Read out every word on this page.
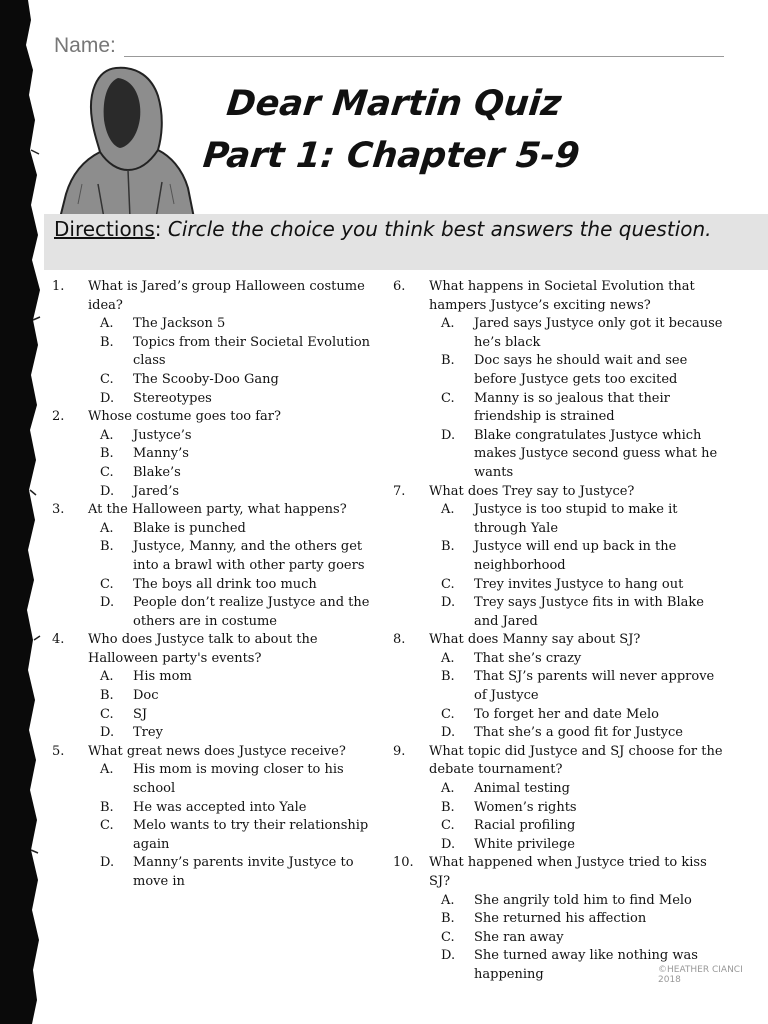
Name:
Dear Martin Quiz
Part 1: Chapter 5-9
Directions: Circle the choice you think best answers the question.
1.	What is Jared’s group Halloween costume idea?
A. The Jackson 5
B. Topics from their Societal Evolution class
C. The Scooby-Doo Gang
D. Stereotypes
2.	Whose costume goes too far?
A. Justyce’s
B. Manny’s
C. Blake’s
D. Jared’s
3.	At the Halloween party, what happens?
A. Blake is punched
B. Justyce, Manny, and the others get into a brawl with other party goers
C. The boys all drink too much
D. People don’t realize Justyce and the others are in costume
4.	Who does Justyce talk to about the Halloween party's events?
A. His mom
B. Doc
C. SJ
D. Trey
5.	What great news does Justyce receive?
A. His mom is moving closer to his school
B. He was accepted into Yale
C. Melo wants to try their relationship again
D. Manny’s parents invite Justyce to move in
6.	What happens in Societal Evolution that hampers Justyce’s exciting news?
A. Jared says Justyce only got it because he’s black
B. Doc says he should wait and see before Justyce gets too excited
C. Manny is so jealous that their friendship is strained
D. Blake congratulates Justyce which makes Justyce second guess what he wants
7.	What does Trey say to Justyce?
A. Justyce is too stupid to make it through Yale
B. Justyce will end up back in the neighborhood
C. Trey invites Justyce to hang out
D. Trey says Justyce fits in with Blake and Jared
8.	What does Manny say about SJ?
A. That she’s crazy
B. That SJ’s parents will never approve of Justyce
C. To forget her and date Melo
D. That she’s a good fit for Justyce
9.	What topic did Justyce and SJ choose for the debate tournament?
A. Animal testing
B. Women’s rights
C. Racial profiling
D. White privilege
10.	What happened when Justyce tried to kiss SJ?
A. She angrily told him to find Melo
B. She returned his affection
C. She ran away
D. She turned away like nothing was happening	©HEATHER CIANCI 2018
